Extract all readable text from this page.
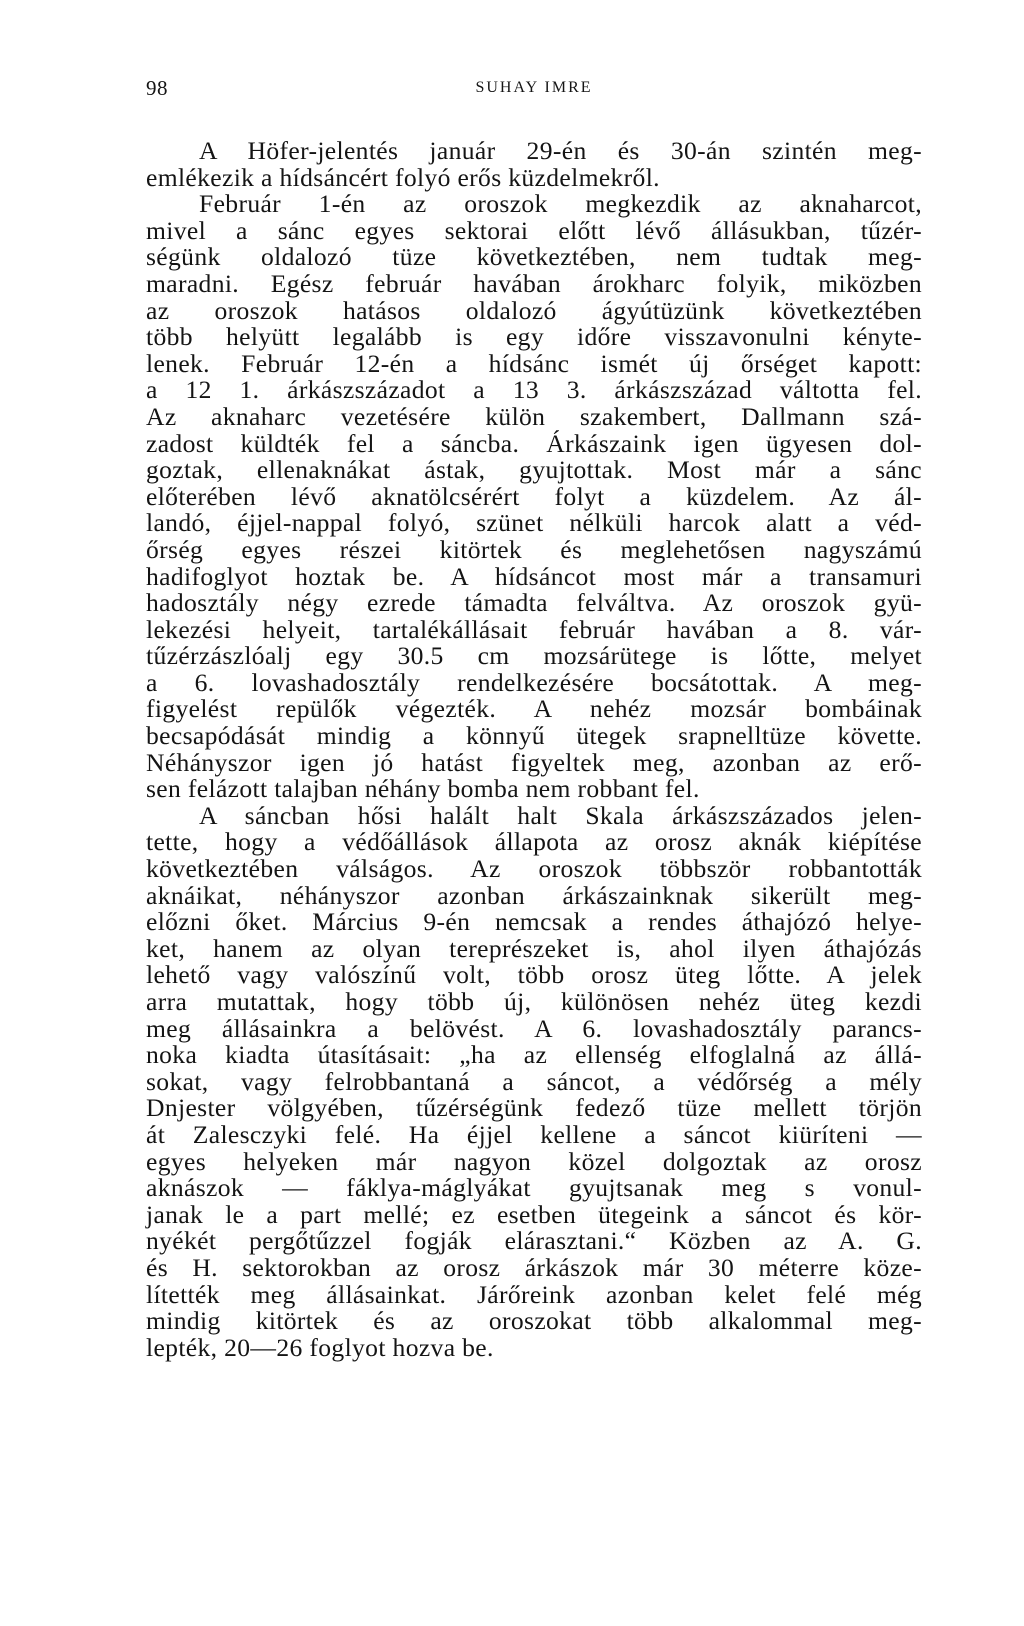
98	SUHAY IMRE
A Höfer-jelentés január 29-én és 30-án szintén meg-
emlékezik a hídsáncért folyó erős küzdelmekről.
Február 1-én az oroszok megkezdik az aknaharcot,
mivel a sánc egyes sektorai előtt lévő állásukban, tűzér-
ségünk oldalozó tüze következtében, nem tudtak meg-
maradni. Egész február havában árokharc folyik, miközben
az oroszok hatásos oldalozó ágyútüzünk következtében
több helyütt legalább is egy időre visszavonulni kényte-
lenek. Február 12-én a hídsánc ismét új őrséget kapott:
a 12 1. árkászszázadot a 13 3. árkászszázad váltotta fel.
Az aknaharc vezetésére külön szakembert, Dallmann szá-
zadost küldték fel a sáncba. Árkászaink igen ügyesen dol-
goztak, ellenaknákat ástak, gyujtottak. Most már a sánc
előterében lévő aknatölcsérért folyt a küzdelem. Az ál-
landó, éjjel-nappal folyó, szünet nélküli harcok alatt a véd-
őrség egyes részei kitörtek és meglehetősen nagyszámú
hadifoglyot hoztak be. A hídsáncot most már a transamuri
hadosztály négy ezrede támadta felváltva. Az oroszok gyü-
lekezési helyeit, tartalékállásait február havában a 8. vár-
tűzérzászlóalj egy 30.5 cm mozsárütege is lőtte, melyet
a 6. lovashadosztály rendelkezésére bocsátottak. A meg-
figyelést repülők végezték. A nehéz mozsár bombáinak
becsapódását mindig a könnyű ütegek srapnelltüze követte.
Néhányszor igen jó hatást figyeltek meg, azonban az erő-
sen felázott talajban néhány bomba nem robbant fel.
A sáncban hősi halált halt Skala árkászszázados jelen-
tette, hogy a védőállások állapota az orosz aknák kiépítése
következtében válságos. Az oroszok többször robbantották
aknáikat, néhányszor azonban árkászainknak sikerült meg-
előzni őket. Március 9-én nemcsak a rendes áthajózó helye-
ket, hanem az olyan tereprészeket is, ahol ilyen áthajózás
lehető vagy valószínű volt, több orosz üteg lőtte. A jelek
arra mutattak, hogy több új, különösen nehéz üteg kezdi
meg állásainkra a belövést. A 6. lovashadosztály parancs-
noka kiadta útasításait: „ha az ellenség elfoglalná az állá-
sokat, vagy felrobbantaná a sáncot, a védőrség a mély
Dnjester völgyében, tűzérségünk fedező tüze mellett törjön
át Zalesczyki felé. Ha éjjel kellene a sáncot kiüríteni —
egyes helyeken már nagyon közel dolgoztak az orosz
aknászok — fáklya-máglyákat gyujtsanak meg s vonul-
janak le a part mellé; ez esetben ütegeink a sáncot és kör-
nyékét pergőtűzzel fogják elárasztani.“ Közben az A. G.
és H. sektorokban az orosz árkászok már 30 méterre köze-
lítették meg állásainkat. Járőreink azonban kelet felé még
mindig kitörtek és az oroszokat több alkalommal meg-
lepték, 20—26 foglyot hozva be.
